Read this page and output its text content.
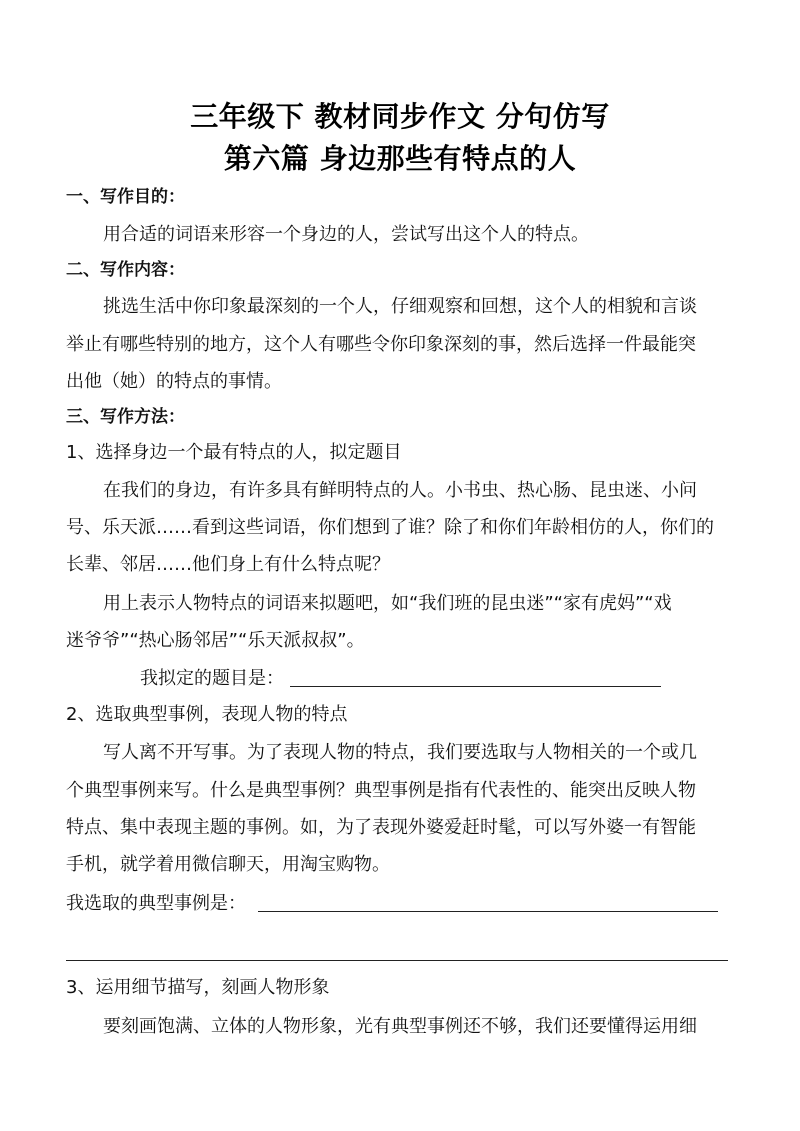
三年级下 教材同步作文 分句仿写
第六篇 身边那些有特点的人
一、写作目的：
用合适的词语来形容一个身边的人，尝试写出这个人的特点。
二、写作内容：
挑选生活中你印象最深刻的一个人，仔细观察和回想，这个人的相貌和言谈
举止有哪些特别的地方，这个人有哪些令你印象深刻的事，然后选择一件最能突
出他（她）的特点的事情。
三、写作方法：
1、选择身边一个最有特点的人，拟定题目
在我们的身边，有许多具有鲜明特点的人。小书虫、热心肠、昆虫迷、小问
号、乐天派……看到这些词语，你们想到了谁？除了和你们年龄相仿的人，你们的
长辈、邻居……他们身上有什么特点呢？
用上表示人物特点的词语来拟题吧，如“我们班的昆虫迷”“家有虎妈”“戏
迷爷爷”“热心肠邻居”“乐天派叔叔”。
我拟定的题目是：
2、选取典型事例，表现人物的特点
写人离不开写事。为了表现人物的特点，我们要选取与人物相关的一个或几
个典型事例来写。什么是典型事例？典型事例是指有代表性的、能突出反映人物
特点、集中表现主题的事例。如，为了表现外婆爱赶时髦，可以写外婆一有智能
手机，就学着用微信聊天，用淘宝购物。
我选取的典型事例是：
3、运用细节描写，刻画人物形象
要刻画饱满、立体的人物形象，光有典型事例还不够，我们还要懂得运用细
